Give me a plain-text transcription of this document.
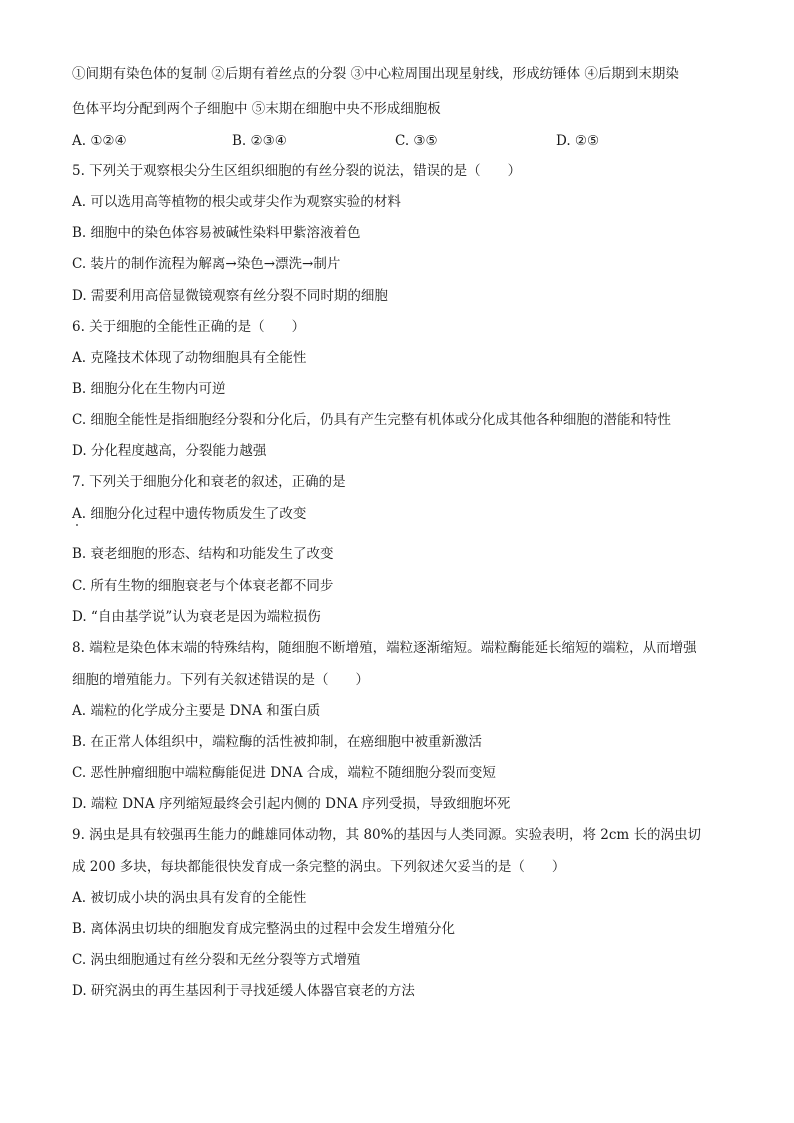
①间期有染色体的复制 ②后期有着丝点的分裂 ③中心粒周围出现星射线，形成纺锤体 ④后期到末期染
色体平均分配到两个子细胞中 ⑤末期在细胞中央不形成细胞板
A. ①②④	B. ②③④	C. ③⑤	D. ②⑤
5. 下列关于观察根尖分生区组织细胞的有丝分裂的说法，错误的是（　　）
A. 可以选用高等植物的根尖或芽尖作为观察实验的材料
B. 细胞中的染色体容易被碱性染料甲紫溶液着色
C. 装片的制作流程为解离→染色→漂洗→制片
D. 需要利用高倍显微镜观察有丝分裂不同时期的细胞
6. 关于细胞的全能性正确的是（　　）
A. 克隆技术体现了动物细胞具有全能性
B. 细胞分化在生物内可逆
C. 细胞全能性是指细胞经分裂和分化后，仍具有产生完整有机体或分化成其他各种细胞的潜能和特性
D. 分化程度越高，分裂能力越强
7. 下列关于细胞分化和衰老的叙述，正确的是
A. 细胞分化过程中遗传物质发生了改变
B. 衰老细胞的形态、结构和功能发生了改变
C. 所有生物的细胞衰老与个体衰老都不同步
D. “自由基学说”认为衰老是因为端粒损伤
8. 端粒是染色体末端的特殊结构，随细胞不断增殖，端粒逐渐缩短。端粒酶能延长缩短的端粒，从而增强
细胞的增殖能力。下列有关叙述错误的是（　　）
A. 端粒的化学成分主要是 DNA 和蛋白质
B. 在正常人体组织中，端粒酶的活性被抑制，在癌细胞中被重新激活
C. 恶性肿瘤细胞中端粒酶能促进 DNA 合成，端粒不随细胞分裂而变短
D. 端粒 DNA 序列缩短最终会引起内侧的 DNA 序列受损，导致细胞坏死
9. 涡虫是具有较强再生能力的雌雄同体动物，其 80%的基因与人类同源。实验表明，将 2cm 长的涡虫切
成 200 多块，每块都能很快发育成一条完整的涡虫。下列叙述欠妥当的是（　　）
A. 被切成小块的涡虫具有发育的全能性
B. 离体涡虫切块的细胞发育成完整涡虫的过程中会发生增殖分化
C. 涡虫细胞通过有丝分裂和无丝分裂等方式增殖
D. 研究涡虫的再生基因利于寻找延缓人体器官衰老的方法
